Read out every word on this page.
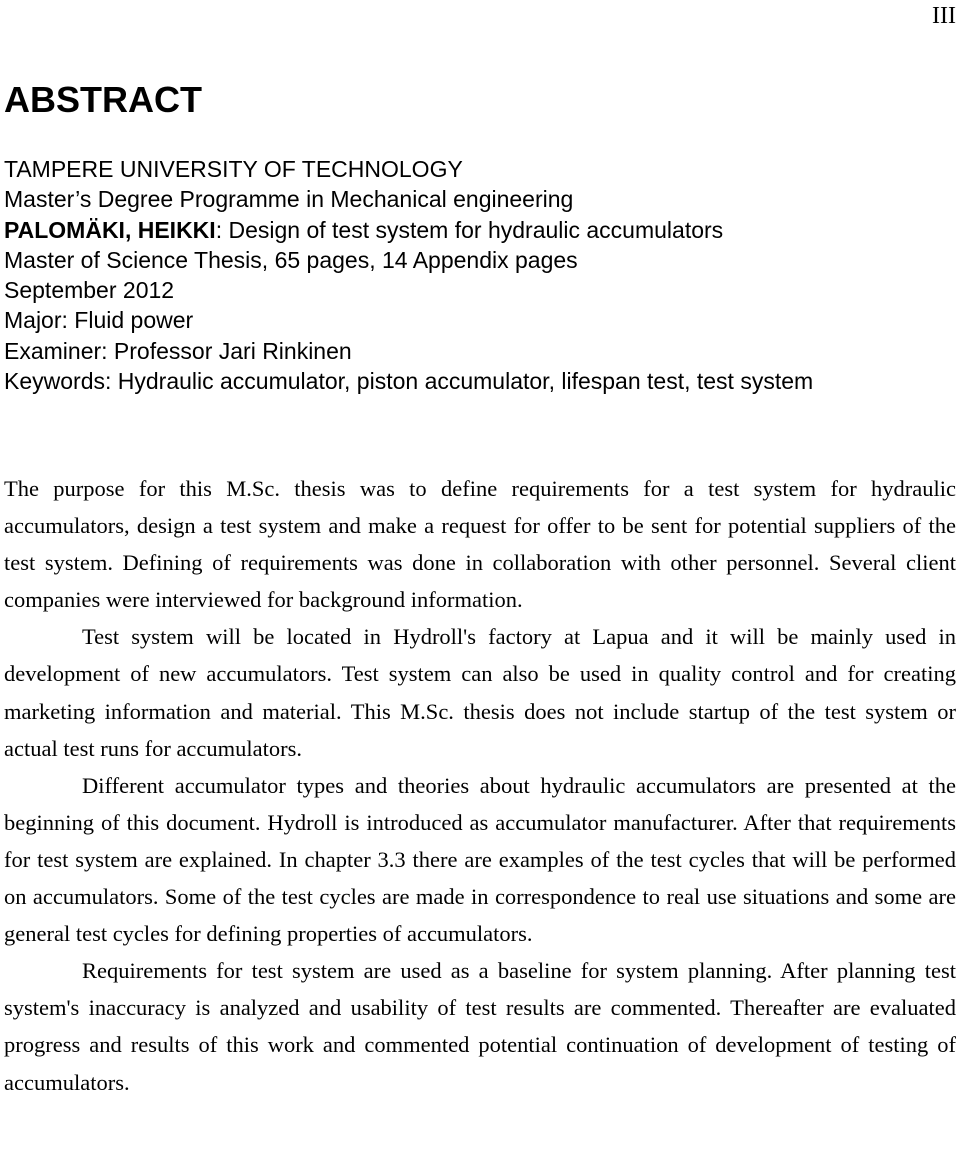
III
ABSTRACT
TAMPERE UNIVERSITY OF TECHNOLOGY
Master’s Degree Programme in Mechanical engineering
PALOMÄKI, HEIKKI: Design of test system for hydraulic accumulators
Master of Science Thesis, 65 pages, 14 Appendix pages
September 2012
Major: Fluid power
Examiner: Professor Jari Rinkinen
Keywords: Hydraulic accumulator, piston accumulator, lifespan test, test system

The purpose for this M.Sc. thesis was to define requirements for a test system for hydraulic accumulators, design a test system and make a request for offer to be sent for potential suppliers of the test system. Defining of requirements was done in collaboration with other personnel. Several client companies were interviewed for background information.

Test system will be located in Hydroll's factory at Lapua and it will be mainly used in development of new accumulators. Test system can also be used in quality control and for creating marketing information and material. This M.Sc. thesis does not include startup of the test system or actual test runs for accumulators.

Different accumulator types and theories about hydraulic accumulators are presented at the beginning of this document. Hydroll is introduced as accumulator manufacturer. After that requirements for test system are explained. In chapter 3.3 there are examples of the test cycles that will be performed on accumulators. Some of the test cycles are made in correspondence to real use situations and some are general test cycles for defining properties of accumulators.

Requirements for test system are used as a baseline for system planning. After planning test system's inaccuracy is analyzed and usability of test results are commented. Thereafter are evaluated progress and results of this work and commented potential continuation of development of testing of accumulators.
